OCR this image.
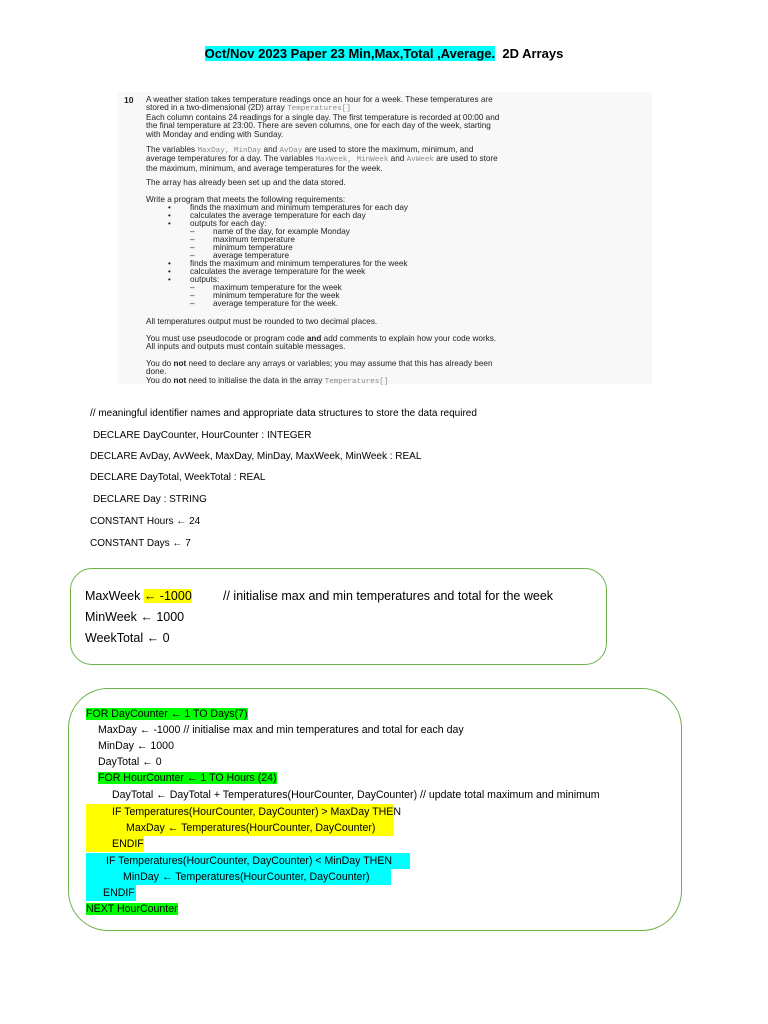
Oct/Nov 2023 Paper 23 Min,Max,Total ,Average. 2D Arrays
10 A weather station takes temperature readings once an hour for a week. These temperatures are
stored in a two-dimensional (2D) array Temperatures[]
Each column contains 24 readings for a single day. The first temperature is recorded at 00:00 and
the final temperature at 23:00. There are seven columns, one for each day of the week, starting
with Monday and ending with Sunday.
The variables MaxDay, MinDay and AvDay are used to store the maximum, minimum, and
average temperatures for a day. The variables MaxWeek, MinWeek and AvWeek are used to store
the maximum, minimum, and average temperatures for the week.
The array has already been set up and the data stored.
Write a program that meets the following requirements:
• finds the maximum and minimum temperatures for each day
• calculates the average temperature for each day
• outputs for each day:
– name of the day, for example Monday
– maximum temperature
– minimum temperature
– average temperature
• finds the maximum and minimum temperatures for the week
• calculates the average temperature for the week
• outputs:
– maximum temperature for the week
– minimum temperature for the week
– average temperature for the week.
All temperatures output must be rounded to two decimal places.
You must use pseudocode or program code and add comments to explain how your code works.
All inputs and outputs must contain suitable messages.
You do not need to declare any arrays or variables; you may assume that this has already been
done.
You do not need to initialise the data in the array Temperatures[]
// meaningful identifier names and appropriate data structures to store the data required
DECLARE DayCounter, HourCounter : INTEGER
DECLARE AvDay, AvWeek, MaxDay, MinDay, MaxWeek, MinWeek : REAL
DECLARE DayTotal, WeekTotal : REAL
DECLARE Day : STRING
CONSTANT Hours ← 24
CONSTANT Days ← 7
MaxWeek ← -1000 // initialise max and min temperatures and total for the week
MinWeek ← 1000
WeekTotal ← 0
FOR DayCounter ← 1 TO Days(7)
MaxDay ← -1000 // initialise max and min temperatures and total for each day
MinDay ← 1000
DayTotal ← 0
FOR HourCounter ← 1 TO Hours (24)
DayTotal ← DayTotal + Temperatures(HourCounter, DayCounter) // update total maximum and minimum
IF Temperatures(HourCounter, DayCounter) > MaxDay THEN
MaxDay ← Temperatures(HourCounter, DayCounter)
ENDIF
IF Temperatures(HourCounter, DayCounter) < MinDay THEN
MinDay ← Temperatures(HourCounter, DayCounter)
ENDIF
NEXT HourCounter
